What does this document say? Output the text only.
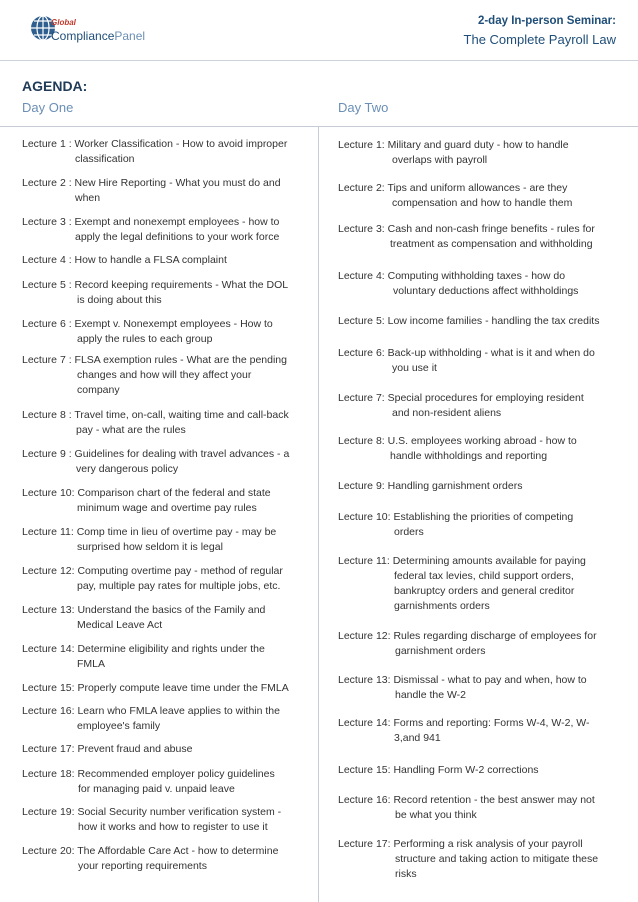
Global
CompliancePanel
2-day In-person Seminar:
The Complete Payroll Law
AGENDA:
Day One	Day Two
Lecture 1 : Worker Classification - How to avoid improper
classification
Lecture 2 : New Hire Reporting - What you must do and
when
Lecture 3 : Exempt and nonexempt employees - how to
apply the legal definitions to your work force
Lecture 4 : How to handle a FLSA complaint
Lecture 5 : Record keeping requirements - What the DOL
is doing about this
Lecture 6 : Exempt v. Nonexempt employees - How to
apply the rules to each group
Lecture 7 : FLSA exemption rules - What are the pending
changes and how will they affect your
company
Lecture 8 : Travel time, on-call, waiting time and call-back
pay - what are the rules
Lecture 9 : Guidelines for dealing with travel advances - a
very dangerous policy
Lecture 10: Comparison chart of the federal and state
minimum wage and overtime pay rules
Lecture 11: Comp time in lieu of overtime pay - may be
surprised how seldom it is legal
Lecture 12: Computing overtime pay - method of regular
pay, multiple pay rates for multiple jobs, etc.
Lecture 13: Understand the basics of the Family and
Medical Leave Act
Lecture 14: Determine eligibility and rights under the
FMLA
Lecture 15: Properly compute leave time under the FMLA
Lecture 16: Learn who FMLA leave applies to within the
employee's family
Lecture 17: Prevent fraud and abuse
Lecture 18: Recommended employer policy guidelines
for managing paid v. unpaid leave
Lecture 19: Social Security number verification system -
how it works and how to register to use it
Lecture 20: The Affordable Care Act - how to determine
your reporting requirements
Lecture 1: Military and guard duty - how to handle
overlaps with payroll
Lecture 2: Tips and uniform allowances - are they
compensation and how to handle them
Lecture 3: Cash and non-cash fringe benefits - rules for
treatment as compensation and withholding
Lecture 4: Computing withholding taxes - how do
voluntary deductions affect withholdings
Lecture 5: Low income families - handling the tax credits
Lecture 6: Back-up withholding - what is it and when do
you use it
Lecture 7: Special procedures for employing resident
and non-resident aliens
Lecture 8: U.S. employees working abroad - how to
handle withholdings and reporting
Lecture 9: Handling garnishment orders
Lecture 10: Establishing the priorities of competing
orders
Lecture 11: Determining amounts available for paying
federal tax levies, child support orders,
bankruptcy orders and general creditor
garnishments orders
Lecture 12: Rules regarding discharge of employees for
garnishment orders
Lecture 13: Dismissal - what to pay and when, how to
handle the W-2
Lecture 14: Forms and reporting: Forms W-4, W-2, W-
3,and 941
Lecture 15: Handling Form W-2 corrections
Lecture 16: Record retention - the best answer may not
be what you think
Lecture 17: Performing a risk analysis of your payroll
structure and taking action to mitigate these
risks
